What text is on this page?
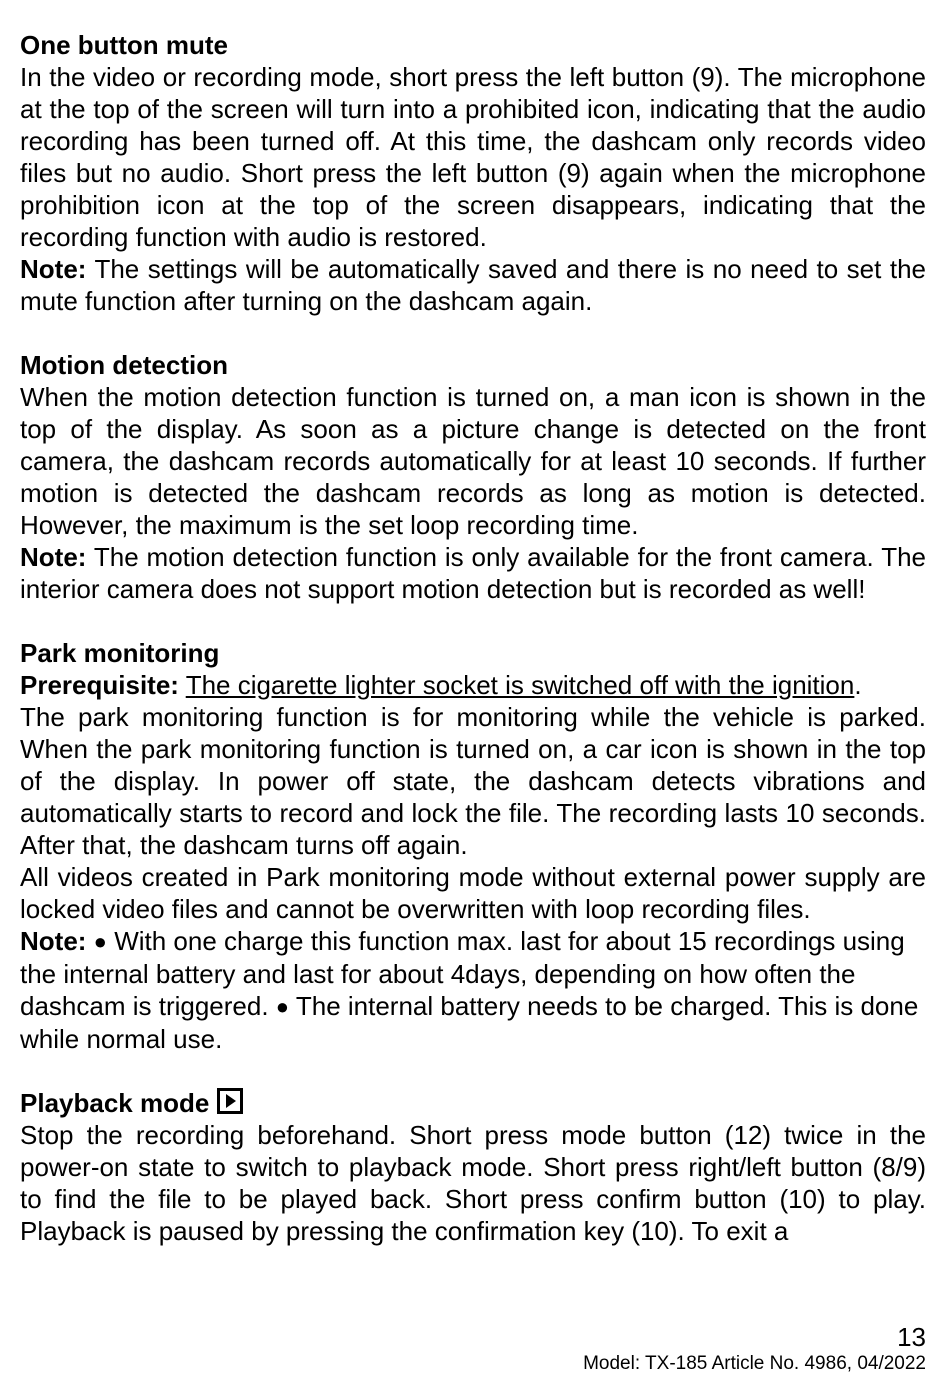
One button mute

In the video or recording mode, short press the left button (9). The microphone at the top of the screen will turn into a prohibited icon, indicating that the audio recording has been turned off. At this time, the dashcam only records video files but no audio. Short press the left button (9) again when the microphone prohibition icon at the top of the screen disappears, indicating that the recording function with audio is restored.

Note: The settings will be automatically saved and there is no need to set the mute function after turning on the dashcam again.

Motion detection

When the motion detection function is turned on, a man icon is shown in the top of the display. As soon as a picture change is detected on the front camera, the dashcam records automatically for at least 10 seconds. If further motion is detected the dashcam records as long as motion is detected. However, the maximum is the set loop recording time.

Note: The motion detection function is only available for the front camera. The interior camera does not support motion detection but is recorded as well!

Park monitoring

Prerequisite: The cigarette lighter socket is switched off with the ignition.

The park monitoring function is for monitoring while the vehicle is parked. When the park monitoring function is turned on, a car icon is shown in the top of the display. In power off state, the dashcam detects vibrations and automatically starts to record and lock the file. The recording lasts 10 seconds. After that, the dashcam turns off again.

All videos created in Park monitoring mode without external power supply are locked video files and cannot be overwritten with loop recording files.

Note: ● With one charge this function max. last for about 15 recordings using the internal battery and last for about 4days, depending on how often the dashcam is triggered. ● The internal battery needs to be charged. This is done while normal use.

Playback mode

Stop the recording beforehand. Short press mode button (12) twice in the power-on state to switch to playback mode. Short press right/left button (8/9) to find the file to be played back. Short press confirm button (10) to play. Playback is paused by pressing the confirmation key (10). To exit a

13
Model: TX-185 Article No. 4986, 04/2022
